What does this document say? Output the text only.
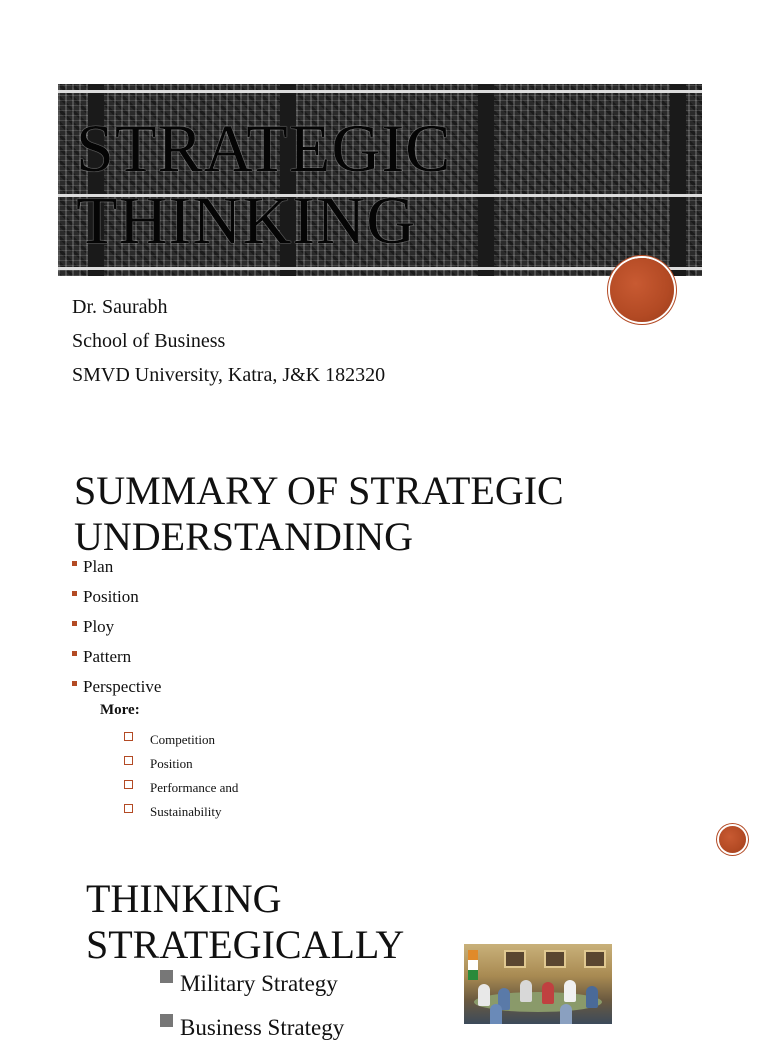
STRATEGIC
THINKING
Dr. Saurabh
School of Business
SMVD University, Katra, J&K 182320
SUMMARY OF STRATEGIC
UNDERSTANDING
Plan
Position
Ploy
Pattern
Perspective
More:
Competition
Position
Performance and
Sustainability
THINKING
STRATEGICALLY
Military Strategy
Business Strategy
